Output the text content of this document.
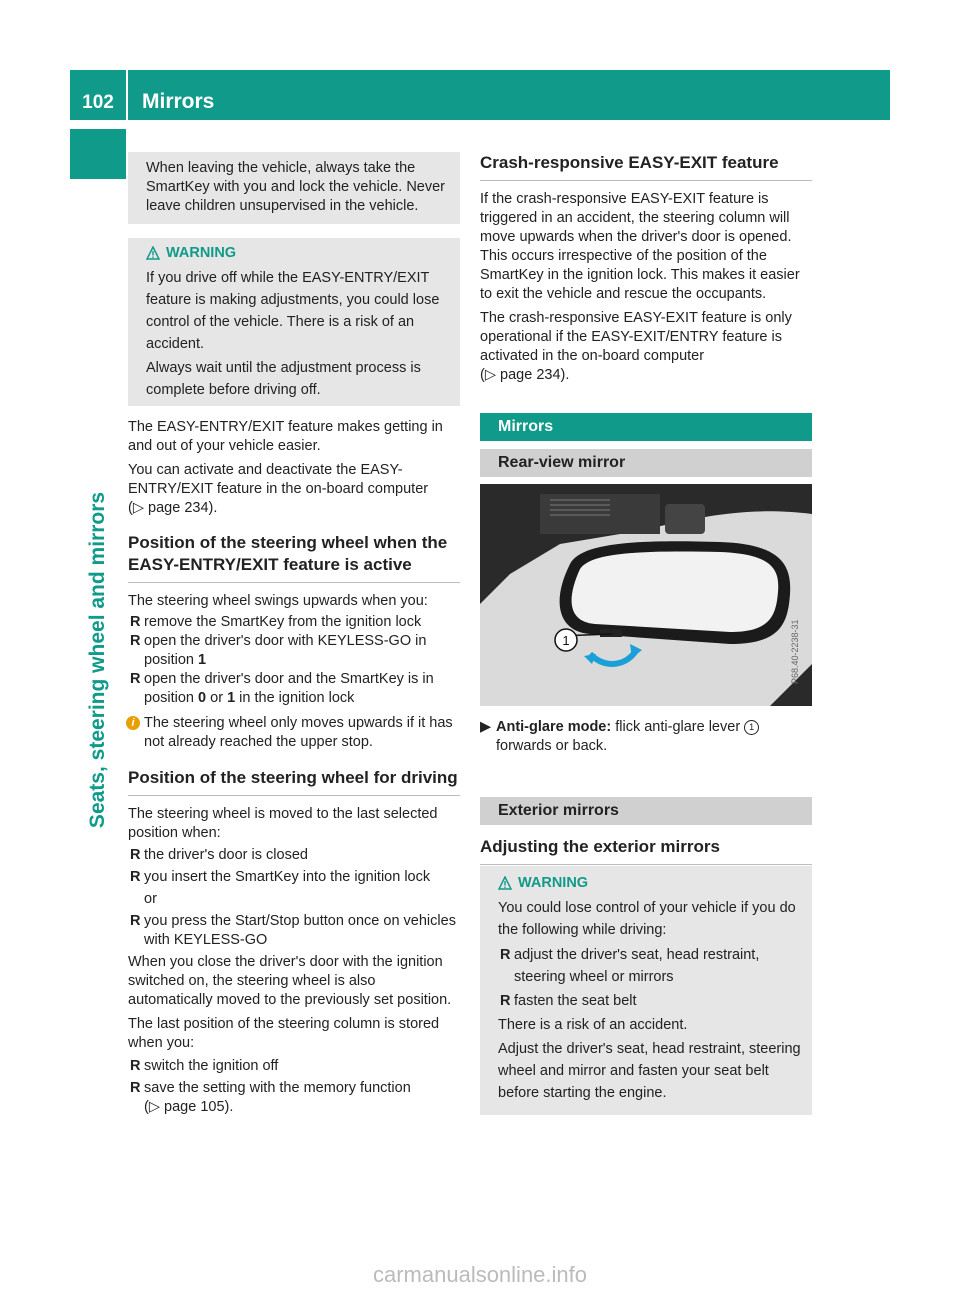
102	Mirrors
Seats, steering wheel and mirrors

When leaving the vehicle, always take the SmartKey with you and lock the vehicle. Never leave children unsupervised in the vehicle.

WARNING

If you drive off while the EASY-ENTRY/EXIT feature is making adjustments, you could lose control of the vehicle. There is a risk of an accident.

Always wait until the adjustment process is complete before driving off.

The EASY-ENTRY/EXIT feature makes getting in and out of your vehicle easier.

You can activate and deactivate the EASY-ENTRY/EXIT feature in the on-board computer
(▷ page 234).

Position of the steering wheel when the EASY-ENTRY/EXIT feature is active

The steering wheel swings upwards when you:

R remove the SmartKey from the ignition lock
R open the driver's door with KEYLESS-GO in position 1
R open the driver's door and the SmartKey is in position 0 or 1 in the ignition lock

i The steering wheel only moves upwards if it has not already reached the upper stop.

Position of the steering wheel for driving

The steering wheel is moved to the last selected position when:

R the driver's door is closed
R you insert the SmartKey into the ignition lock
or
R you press the Start/Stop button once on vehicles with KEYLESS-GO

When you close the driver's door with the ignition switched on, the steering wheel is also automatically moved to the previously set position.

The last position of the steering column is stored when you:

R switch the ignition off
R save the setting with the memory function
(▷ page 105).
Crash-responsive EASY-EXIT feature

If the crash-responsive EASY-EXIT feature is triggered in an accident, the steering column will move upwards when the driver's door is opened. This occurs irrespective of the position of the SmartKey in the ignition lock. This makes it easier to exit the vehicle and rescue the occupants.

The crash-responsive EASY-EXIT feature is only operational if the EASY-EXIT/ENTRY feature is activated in the on-board computer
(▷ page 234).

Mirrors
Rear-view mirror
1	P68.40-2238-31

▶ Anti-glare mode: flick anti-glare lever 1 forwards or back.

Exterior mirrors
Adjusting the exterior mirrors
WARNING

You could lose control of your vehicle if you do the following while driving:

R adjust the driver's seat, head restraint, steering wheel or mirrors
R fasten the seat belt

There is a risk of an accident.

Adjust the driver's seat, head restraint, steering wheel and mirror and fasten your seat belt before starting the engine.

carmanualsonline.info
